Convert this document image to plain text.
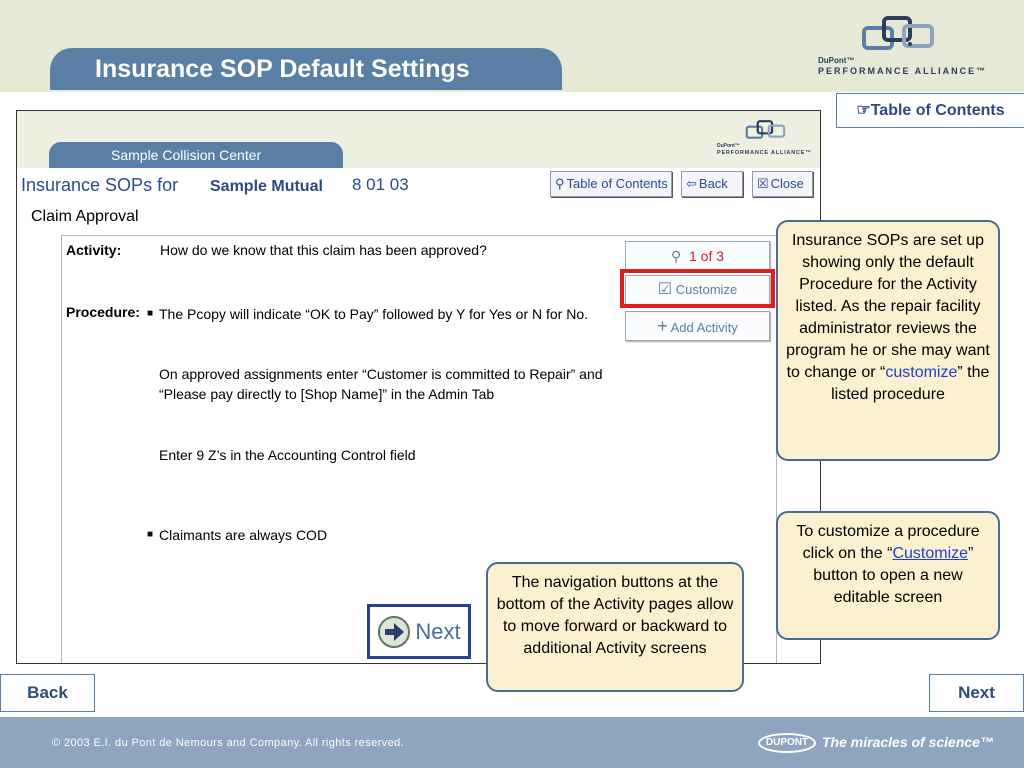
Insurance SOP Default Settings	DuPont™
PERFORMANCE ALLIANCE™
☞Table of Contents
Sample Collision Center
DuPont™
PERFORMANCE ALLIANCE™
Insurance SOPs for Sample Mutual 8 01 03	⚲ Table of Contents ⇦ Back ☒ Close
Claim Approval
Activity:	How do we know that this claim has been approved?
Procedure: ■ The Pcopy will indicate “OK to Pay” followed by Y for Yes or N for No.
On approved assignments enter “Customer is committed to Repair” and “Please pay directly to [Shop Name]” in the Admin Tab
Enter 9 Z’s in the Accounting Control field
■ Claimants are always COD
⚲ 1 of 3
☑ Customize
+ Add Activity
Next
Insurance SOPs are set up showing only the default Procedure for the Activity listed. As the repair facility administrator reviews the program he or she may want to change or “customize” the listed procedure
To customize a procedure click on the “Customize” button to open a new editable screen
The navigation buttons at the bottom of the Activity pages allow to move forward or backward to additional Activity screens
Back	Next
© 2003 E.I. du Pont de Nemours and Company. All rights reserved.	DUPONT The miracles of science™
